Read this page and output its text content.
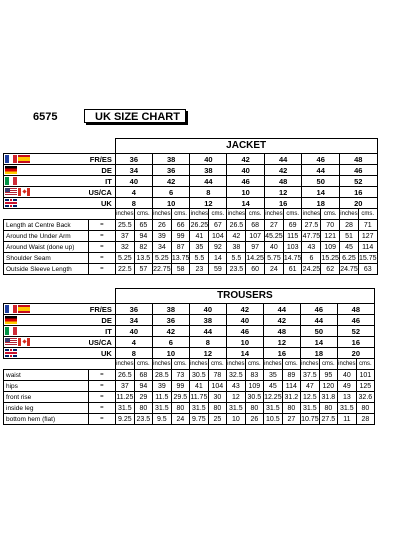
6575	UK SIZE CHART
		JACKET													
	FR/ES	36		38		40		42		44		46		48	
	DE	34		36		38		40		42		44		46	
	IT	40		42		44		46		48		50		52	
	US/CA	4		6		8		10		12		14		16	
	UK	8		10		12		14		16		18		20	
		inches	cms.	inches	cms.	inches	cms.	inches	cms.	inches	cms.	inches	cms.	inches	cms.
Length at Centre Back	=	25.5	65	26	66	26.25	67	26.5	68	27	69	27.5	70	28	71
Around the Under Arm	=	37	94	39	99	41	104	42	107	45.25	115	47.75	121	51	127
Around Waist (done up)	=	32	82	34	87	35	92	38	97	40	103	43	109	45	114
Shoulder Seam	=	5.25	13.5	5.25	13.75	5.5	14	5.5	14.25	5.75	14.75	6	15.25	6.25	15.75
Outside Sleeve Length	=	22.5	57	22.75	58	23	59	23.5	60	24	61	24.25	62	24.75	63
		TROUSERS													
	FR/ES	36		38		40		42		44		46		48	
	DE	34		36		38		40		42		44		46	
	IT	40		42		44		46		48		50		52	
	US/CA	4		6		8		10		12		14		16	
	UK	8		10		12		14		16		18		20	
		inches	cms.	inches	cms.	inches	cms.	inches	cms.	inches	cms.	inches	cms.	inches	cms.
waist	=	26.5	68	28.5	73	30.5	78	32.5	83	35	89	37.5	95	40	101
hips	=	37	94	39	99	41	104	43	109	45	114	47	120	49	125
front rise	=	11.25	29	11.5	29.5	11.75	30	12	30.5	12.25	31.2	12.5	31.8	13	32.6
inside leg	=	31.5	80	31.5	80	31.5	80	31.5	80	31.5	80	31.5	80	31.5	80
bottom hem (flat)	=	9.25	23.5	9.5	24	9.75	25	10	26	10.5	27	10.75	27.5	11	28
